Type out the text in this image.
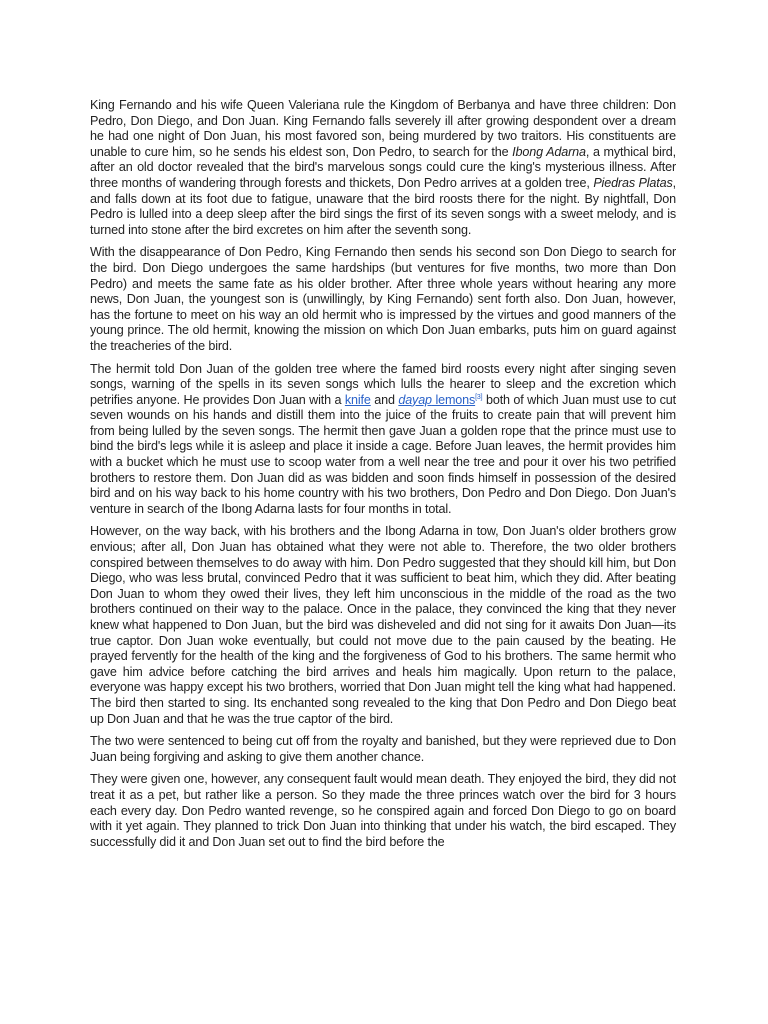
King Fernando and his wife Queen Valeriana rule the Kingdom of Berbanya and have three children: Don Pedro, Don Diego, and Don Juan. King Fernando falls severely ill after growing despondent over a dream he had one night of Don Juan, his most favored son, being murdered by two traitors. His constituents are unable to cure him, so he sends his eldest son, Don Pedro, to search for the Ibong Adarna, a mythical bird, after an old doctor revealed that the bird's marvelous songs could cure the king's mysterious illness. After three months of wandering through forests and thickets, Don Pedro arrives at a golden tree, Piedras Platas, and falls down at its foot due to fatigue, unaware that the bird roosts there for the night. By nightfall, Don Pedro is lulled into a deep sleep after the bird sings the first of its seven songs with a sweet melody, and is turned into stone after the bird excretes on him after the seventh song.

With the disappearance of Don Pedro, King Fernando then sends his second son Don Diego to search for the bird. Don Diego undergoes the same hardships (but ventures for five months, two more than Don Pedro) and meets the same fate as his older brother. After three whole years without hearing any more news, Don Juan, the youngest son is (unwillingly, by King Fernando) sent forth also. Don Juan, however, has the fortune to meet on his way an old hermit who is impressed by the virtues and good manners of the young prince. The old hermit, knowing the mission on which Don Juan embarks, puts him on guard against the treacheries of the bird.

The hermit told Don Juan of the golden tree where the famed bird roosts every night after singing seven songs, warning of the spells in its seven songs which lulls the hearer to sleep and the excretion which petrifies anyone. He provides Don Juan with a knife and dayap lemons[3] both of which Juan must use to cut seven wounds on his hands and distill them into the juice of the fruits to create pain that will prevent him from being lulled by the seven songs. The hermit then gave Juan a golden rope that the prince must use to bind the bird's legs while it is asleep and place it inside a cage. Before Juan leaves, the hermit provides him with a bucket which he must use to scoop water from a well near the tree and pour it over his two petrified brothers to restore them. Don Juan did as was bidden and soon finds himself in possession of the desired bird and on his way back to his home country with his two brothers, Don Pedro and Don Diego. Don Juan's venture in search of the Ibong Adarna lasts for four months in total.

However, on the way back, with his brothers and the Ibong Adarna in tow, Don Juan's older brothers grow envious; after all, Don Juan has obtained what they were not able to. Therefore, the two older brothers conspired between themselves to do away with him. Don Pedro suggested that they should kill him, but Don Diego, who was less brutal, convinced Pedro that it was sufficient to beat him, which they did. After beating Don Juan to whom they owed their lives, they left him unconscious in the middle of the road as the two brothers continued on their way to the palace. Once in the palace, they convinced the king that they never knew what happened to Don Juan, but the bird was disheveled and did not sing for it awaits Don Juan—its true captor. Don Juan woke eventually, but could not move due to the pain caused by the beating. He prayed fervently for the health of the king and the forgiveness of God to his brothers. The same hermit who gave him advice before catching the bird arrives and heals him magically. Upon return to the palace, everyone was happy except his two brothers, worried that Don Juan might tell the king what had happened. The bird then started to sing. Its enchanted song revealed to the king that Don Pedro and Don Diego beat up Don Juan and that he was the true captor of the bird.

The two were sentenced to being cut off from the royalty and banished, but they were reprieved due to Don Juan being forgiving and asking to give them another chance.

They were given one, however, any consequent fault would mean death. They enjoyed the bird, they did not treat it as a pet, but rather like a person. So they made the three princes watch over the bird for 3 hours each every day. Don Pedro wanted revenge, so he conspired again and forced Don Diego to go on board with it yet again. They planned to trick Don Juan into thinking that under his watch, the bird escaped. They successfully did it and Don Juan set out to find the bird before the
